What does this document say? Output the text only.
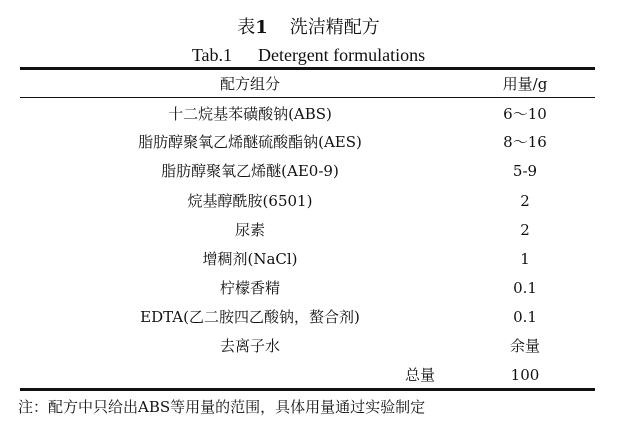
表1 洗洁精配方
Tab.1 Detergent formulations
配方组分	用量/g
十二烷基苯磺酸钠(ABS)	6～10
脂肪醇聚氧乙烯醚硫酸酯钠(AES)	8～16
脂肪醇聚氧乙烯醚(AE0-9)	5-9
烷基醇酰胺(6501)	2
尿素	2
增稠剂(NaCl)	1
柠檬香精	0.1
EDTA(乙二胺四乙酸钠，螯合剂)	0.1
去离子水	余量
总量	100
注：配方中只给出ABS等用量的范围，具体用量通过实验制定
